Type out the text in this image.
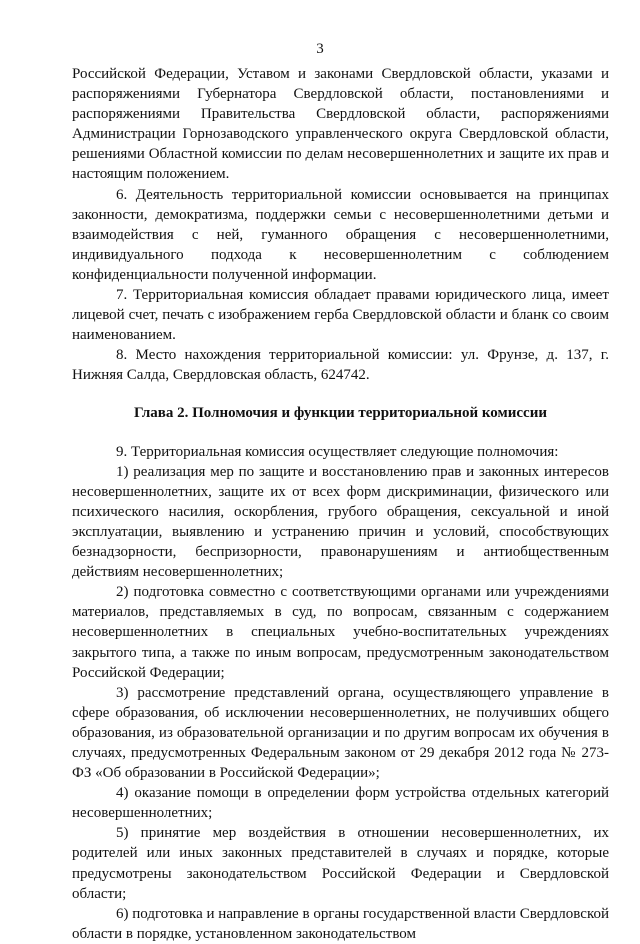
3

Российской Федерации, Уставом и законами Свердловской области, указами и распоряжениями Губернатора Свердловской области, постановлениями и распоряжениями Правительства Свердловской области, распоряжениями Администрации Горнозаводского управленческого округа Свердловской области, решениями Областной комиссии по делам несовершеннолетних и защите их прав и настоящим положением.

6. Деятельность территориальной комиссии основывается на принципах законности, демократизма, поддержки семьи с несовершеннолетними детьми и взаимодействия с ней, гуманного обращения с несовершеннолетними, индивидуального подхода к несовершеннолетним с соблюдением конфиденциальности полученной информации.

7. Территориальная комиссия обладает правами юридического лица, имеет лицевой счет, печать с изображением герба Свердловской области и бланк со своим наименованием.

8. Место нахождения территориальной комиссии: ул. Фрунзе, д. 137, г. Нижняя Салда, Свердловская область, 624742.

Глава 2. Полномочия и функции территориальной комиссии

9. Территориальная комиссия осуществляет следующие полномочия:

1) реализация мер по защите и восстановлению прав и законных интересов несовершеннолетних, защите их от всех форм дискриминации, физического или психического насилия, оскорбления, грубого обращения, сексуальной и иной эксплуатации, выявлению и устранению причин и условий, способствующих безнадзорности, беспризорности, правонарушениям и антиобщественным действиям несовершеннолетних;

2) подготовка совместно с соответствующими органами или учреждениями материалов, представляемых в суд, по вопросам, связанным с содержанием несовершеннолетних в специальных учебно-воспитательных учреждениях закрытого типа, а также по иным вопросам, предусмотренным законодательством Российской Федерации;

3) рассмотрение представлений органа, осуществляющего управление в сфере образования, об исключении несовершеннолетних, не получивших общего образования, из образовательной организации и по другим вопросам их обучения в случаях, предусмотренных Федеральным законом от 29 декабря 2012 года № 273-ФЗ «Об образовании в Российской Федерации»;

4) оказание помощи в определении форм устройства отдельных категорий несовершеннолетних;

5) принятие мер воздействия в отношении несовершеннолетних, их родителей или иных законных представителей в случаях и порядке, которые предусмотрены законодательством Российской Федерации и Свердловской области;

6) подготовка и направление в органы государственной власти Свердловской области в порядке, установленном законодательством
